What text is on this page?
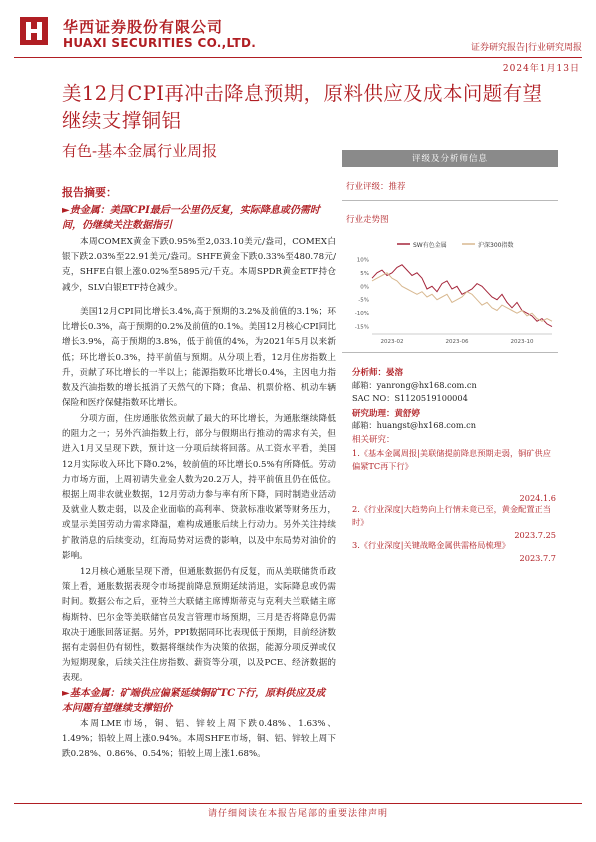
华西证券股份有限公司
HUAXI SECURITIES CO.,LTD.	证券研究报告|行业研究周报
2024年1月13日
美12月CPI再冲击降息预期，原料供应及成本问题有望继续支撑铜铝
有色-基本金属行业周报
报告摘要：
►贵金属：美国CPI最后一公里仍反复，实际降息或仍需时间，仍继续关注数据指引
本周COMEX黄金下跌0.95%至2,033.10美元/盎司，COMEX白银下跌2.03%至22.91美元/盎司。SHFE黄金下跌0.33%至480.78元/克，SHFE白银上涨0.02%至5895元/千克。本周SPDR黄金ETF持仓减少，SLV白银ETF持仓减少。
美国12月CPI同比增长3.4%,高于预期的3.2%及前值的3.1%；环比增长0.3%，高于预期的0.2%及前值的0.1%。美国12月核心CPI同比增长3.9%，高于预期的3.8%，低于前值的4%，为2021年5月以来新低；环比增长0.3%，持平前值与预期。从分项上看，12月住房指数上升，贡献了环比增长的一半以上；能源指数环比增长0.4%，主因电力指数及汽油指数的增长抵消了天然气的下降；食品、机票价格、机动车辆保险和医疗保健指数环比增长。
分项方面，住房通胀依然贡献了最大的环比增长，为通胀继续降低的阻力之一；另外汽油指数上行，部分与假期出行推动的需求有关，但进入1月又呈现下跌，预计这一分项后续将回落。从工资水平看，美国12月实际收入环比下降0.2%，较前值的环比增长0.5%有所降低。劳动力市场方面，上周初请失业金人数为20.2万人，持平前值且仍在低位。根据上周非农就业数据，12月劳动力参与率有所下降，同时制造业活动及就业人数走弱，以及企业面临的高利率、贷款标准收紧等财务压力，或显示美国劳动力需求降温，难构成通胀后续上行动力。另外关注持续扩散消息的后续变动，红海局势对运费的影响，以及中东局势对油价的影响。
12月核心通胀呈现下滑，但通胀数据仍有反复，而从美联储货币政策上看，通胀数据表现令市场提前降息预期延续消退，实际降息或仍需时间。数据公布之后，亚特兰大联储主席博斯蒂克与克利夫兰联储主席梅斯特、巴尔金等美联储官员发言管理市场预期，三月是否将降息仍需取决于通胀回落证据。另外，PPI数据同环比表现低于预期，目前经济数据有走弱但仍有韧性，数据将继续作为决策的依据，能源分项反弹或仅为短期现象，后续关注住房指数、薪资等分项，以及PCE、经济数据的表现。
►基本金属：矿端供应偏紧延续铜矿TC下行，原料供应及成本问题有望继续支撑铝价
本周LME市场，铜、铝、锌较上周下跌0.48%、1.63%、1.49%；铅较上周上涨0.94%。本周SHFE市场，铜、铝、锌较上周下跌0.28%、0.86%、0.54%；铅较上周上涨1.68%。
评级及分析师信息
行业评级：推荐
行业走势图
SW有色金属	沪深300指数
10%
5%
0%
-5%
-10%
-15%
2023-02	2023-06	2023-10
分析师：晏溶
邮箱：yanrong@hx168.com.cn
SAC NO：S1120519100004
研究助理：黄舒婷
邮箱：huangst@hx168.com.cn
相关研究：
1.《基本金属周报|美联储提前降息预期走弱，铜矿供应偏紧TC再下行》
2024.1.6
2.《行业深度|大趋势向上行情未竟已至，黄金配置正当时》
2023.7.25
3.《行业深度|关键战略金属供需格局梳理》
2023.7.7
请仔细阅读在本报告尾部的重要法律声明
